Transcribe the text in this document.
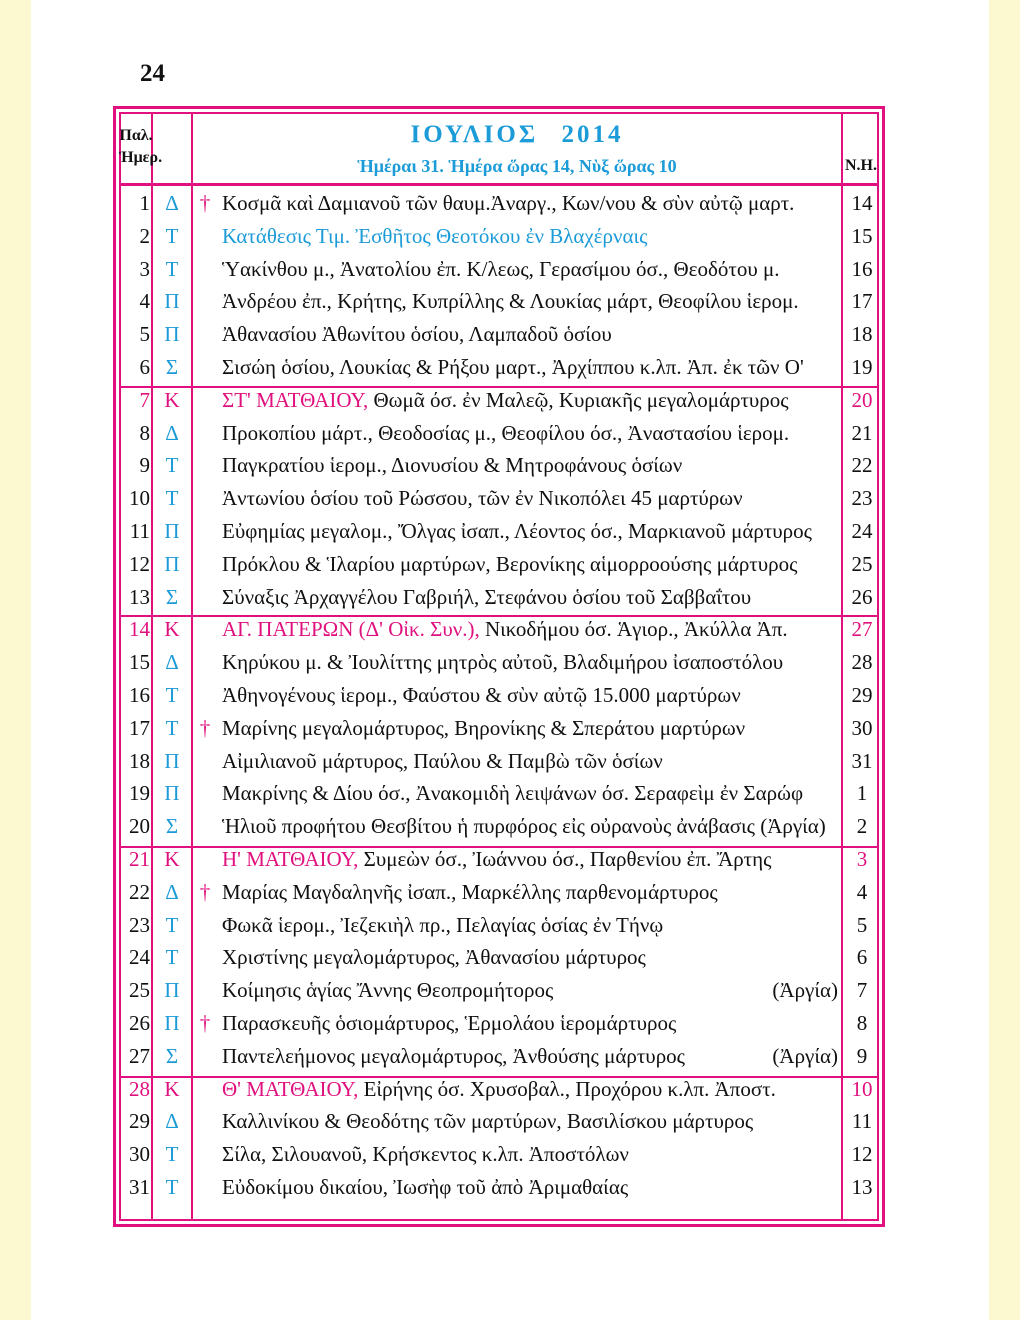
24
Παλ. Ἡμερ.
ΙΟΥΛΙΟΣ 2014
Ἡμέραι 31. Ἡμέρα ὥρας 14, Νὺξ ὥρας 10	Ν.Η.
1 Δ	† Κοσμᾶ καὶ Δαμιανοῦ τῶν θαυμ.Ἀναργ., Κων/νου & σὺν αὐτῷ μαρτ.	14
2 Τ	Κατάθεσις Τιμ. Ἐσθῆτος Θεοτόκου ἐν Βλαχέρναις	15
3 Τ	Ὑακίνθου μ., Ἀνατολίου ἐπ. Κ/λεως, Γερασίμου όσ., Θεοδότου μ.	16
4 Π	Ἀνδρέου ἐπ., Κρήτης, Κυπρίλλης & Λουκίας μάρτ, Θεοφίλου ἱερομ.	17
5 Π	Ἀθανασίου Ἀθωνίτου ὁσίου, Λαμπαδοῦ ὁσίου	18
6 Σ	Σισώη ὁσίου, Λουκίας & Ρήξου μαρτ., Ἀρχίππου κ.λπ. Ἀπ. ἐκ τῶν Ο'	19
7 Κ	ΣΤ' ΜΑΤΘΑΙΟΥ, Θωμᾶ όσ. ἐν Μαλεῷ, Κυριακῆς μεγαλομάρτυρος	20
8 Δ	Προκοπίου μάρτ., Θεοδοσίας μ., Θεοφίλου όσ., Ἀναστασίου ἱερομ.	21
9 Τ	Παγκρατίου ἱερομ., Διονυσίου & Μητροφάνους ὁσίων	22
10 Τ	Ἀντωνίου ὁσίου τοῦ Ρώσσου, τῶν ἐν Νικοπόλει 45 μαρτύρων	23
11 Π	Εὐφημίας μεγαλομ., Ὄλγας ἰσαπ., Λέοντος όσ., Μαρκιανοῦ μάρτυρος	24
12 Π	Πρόκλου & Ἱλαρίου μαρτύρων, Βερονίκης αἱμορροούσης μάρτυρος	25
13 Σ	Σύναξις Ἀρχαγγέλου Γαβριήλ, Στεφάνου ὁσίου τοῦ Σαββαΐτου	26
14 Κ	ΑΓ. ΠΑΤΕΡΩΝ (Δ' Οἰκ. Συν.), Νικοδήμου όσ. Ἁγιορ., Ἀκύλλα Ἀπ.	27
15 Δ	Κηρύκου μ. & Ἰουλίττης μητρὸς αὐτοῦ, Βλαδιμήρου ἰσαποστόλου	28
16 Τ	Ἀθηνογένους ἱερομ., Φαύστου & σὺν αὐτῷ 15.000 μαρτύρων	29
17 Τ	† Μαρίνης μεγαλομάρτυρος, Βηρονίκης & Σπεράτου μαρτύρων	30
18 Π	Αἰμιλιανοῦ μάρτυρος, Παύλου & Παμβὼ τῶν ὁσίων	31
19 Π	Μακρίνης & Δίου όσ., Ἀνακομιδὴ λειψάνων όσ. Σεραφεὶμ ἐν Σαρώφ	1
20 Σ	Ἡλιοῦ προφήτου Θεσβίτου ἡ πυρφόρος εἰς οὐρανοὺς ἀνάβασις (Ἀργία)	2
21 Κ	Η' ΜΑΤΘΑΙΟΥ, Συμεὼν όσ., Ἰωάννου όσ., Παρθενίου ἐπ. Ἄρτης	3
22 Δ	† Μαρίας Μαγδαληνῆς ἰσαπ., Μαρκέλλης παρθενομάρτυρος	4
23 Τ	Φωκᾶ ἱερομ., Ἰεζεκιὴλ πρ., Πελαγίας ὁσίας ἐν Τήνῳ	5
24 Τ	Χριστίνης μεγαλομάρτυρος, Ἀθανασίου μάρτυρος	6
25 Π	Κοίμησις ἁγίας Ἄννης Θεοπρομήτορος	(Ἀργία) 7
26 Π † Παρασκευῆς ὁσιομάρτυρος, Ἑρμολάου ἱερομάρτυρος	8
27 Σ	Παντελεήμονος μεγαλομάρτυρος, Ἀνθούσης μάρτυρος	(Ἀργία) 9
28 Κ	Θ' ΜΑΤΘΑΙΟΥ, Εἰρήνης όσ. Χρυσοβαλ., Προχόρου κ.λπ. Ἀποστ.	10
29 Δ	Καλλινίκου & Θεοδότης τῶν μαρτύρων, Βασιλίσκου μάρτυρος	11
30 Τ	Σίλα, Σιλουανοῦ, Κρήσκεντος κ.λπ. Ἀποστόλων	12
31 Τ	Εὐδοκίμου δικαίου, Ἰωσὴφ τοῦ ἀπὸ Ἀριμαθαίας	13
